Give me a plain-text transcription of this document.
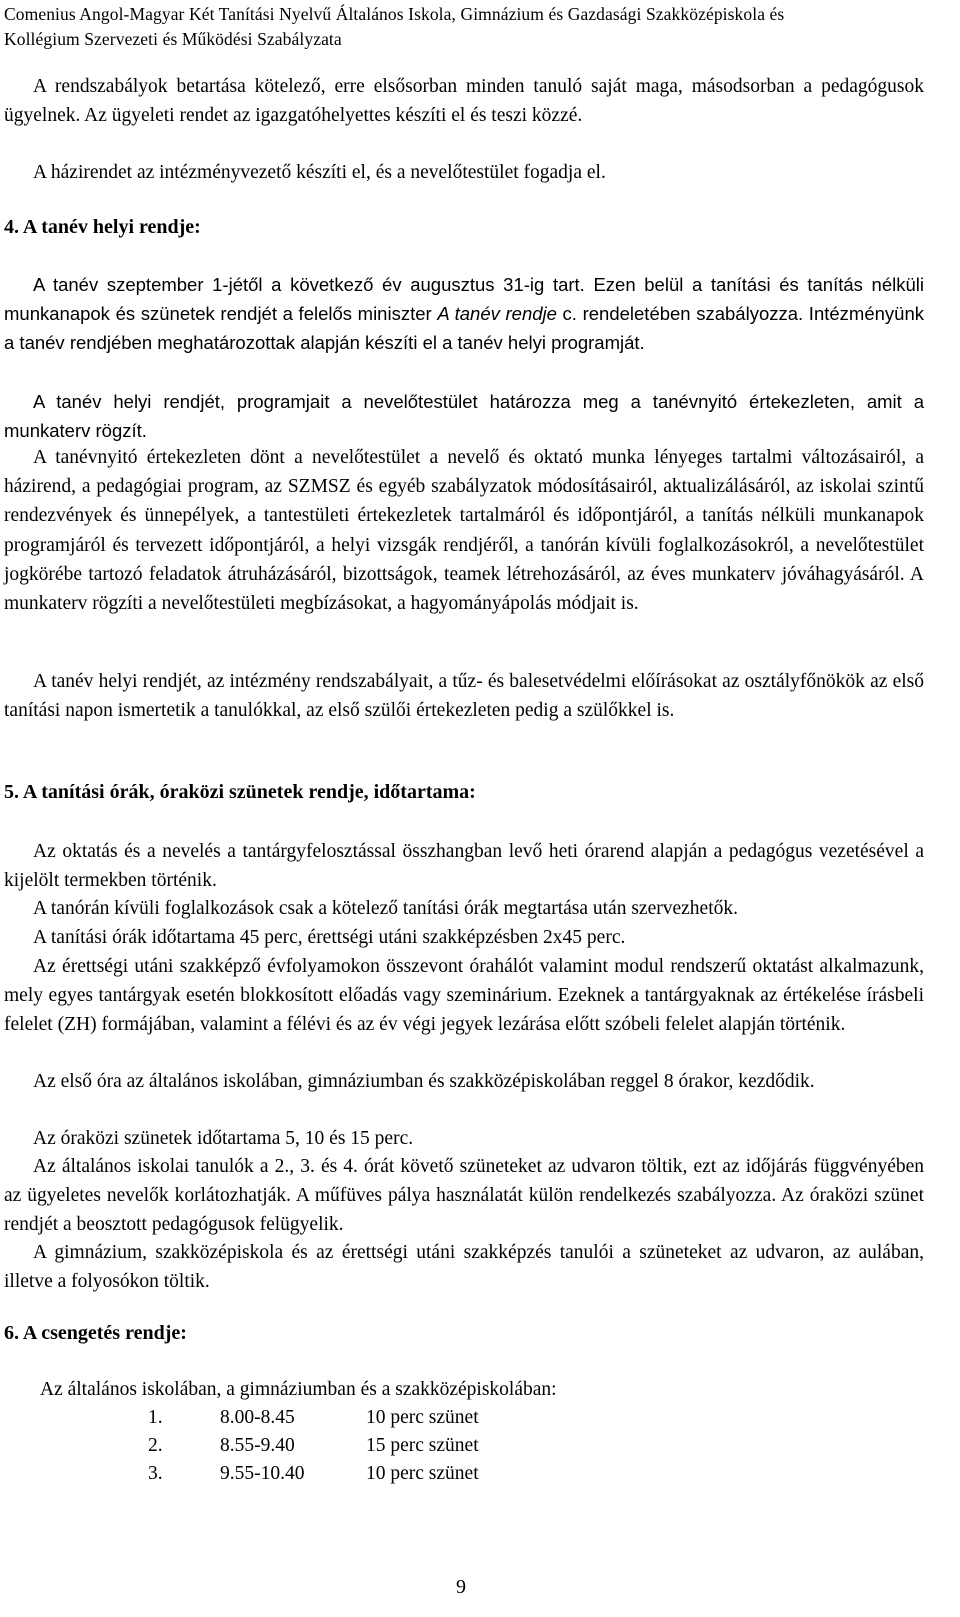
Comenius Angol-Magyar Két Tanítási Nyelvű Általános Iskola, Gimnázium és Gazdasági Szakközépiskola és
Kollégium Szervezeti és Működési Szabályzata

A rendszabályok betartása kötelező, erre elsősorban minden tanuló saját maga, másodsorban a pedagógusok ügyelnek. Az ügyeleti rendet az igazgatóhelyettes készíti el és teszi közzé.

A házirendet az intézményvezető készíti el, és a nevelőtestület fogadja el.

4. A tanév helyi rendje:

A tanév szeptember 1-jétől a következő év augusztus 31-ig tart. Ezen belül a tanítási és tanítás nélküli munkanapok és szünetek rendjét a felelős miniszter A tanév rendje c. rendeletében szabályozza. Intézményünk a tanév rendjében meghatározottak alapján készíti el a tanév helyi programját.

A tanév helyi rendjét, programjait a nevelőtestület határozza meg a tanévnyitó értekezleten, amit a munkaterv rögzít.

A tanévnyitó értekezleten dönt a nevelőtestület a nevelő és oktató munka lényeges tartalmi változásairól, a házirend, a pedagógiai program, az SZMSZ és egyéb szabályzatok módosításairól, aktualizálásáról, az iskolai szintű rendezvények és ünnepélyek, a tantestületi értekezletek tartalmáról és időpontjáról, a tanítás nélküli munkanapok programjáról és tervezett időpontjáról, a helyi vizsgák rendjéről, a tanórán kívüli foglalkozásokról, a nevelőtestület jogkörébe tartozó feladatok átruházásáról, bizottságok, teamek létrehozásáról, az éves munkaterv jóváhagyásáról. A munkaterv rögzíti a nevelőtestületi megbízásokat, a hagyományápolás módjait is.

A tanév helyi rendjét, az intézmény rendszabályait, a tűz- és balesetvédelmi előírásokat az osztályfőnökök az első tanítási napon ismertetik a tanulókkal, az első szülői értekezleten pedig a szülőkkel is.

5. A tanítási órák, óraközi szünetek rendje, időtartama:

Az oktatás és a nevelés a tantárgyfelosztással összhangban levő heti órarend alapján a pedagógus vezetésével a kijelölt termekben történik.

A tanórán kívüli foglalkozások csak a kötelező tanítási órák megtartása után szervezhetők.

A tanítási órák időtartama 45 perc, érettségi utáni szakképzésben 2x45 perc.

Az érettségi utáni szakképző évfolyamokon összevont órahálót valamint modul rendszerű oktatást alkalmazunk, mely egyes tantárgyak esetén blokkosított előadás vagy szeminárium. Ezeknek a tantárgyaknak az értékelése írásbeli felelet (ZH) formájában, valamint a félévi és az év végi jegyek lezárása előtt szóbeli felelet alapján történik.

Az első óra az általános iskolában, gimnáziumban és szakközépiskolában reggel 8 órakor, kezdődik.

Az óraközi szünetek időtartama 5, 10 és 15 perc.

Az általános iskolai tanulók a 2., 3. és 4. órát követő szüneteket az udvaron töltik, ezt az időjárás függvényében az ügyeletes nevelők korlátozhatják. A műfüves pálya használatát külön rendelkezés szabályozza. Az óraközi szünet rendjét a beosztott pedagógusok felügyelik.

A gimnázium, szakközépiskola és az érettségi utáni szakképzés tanulói a szüneteket az udvaron, az aulában, illetve a folyosókon töltik.

6. A csengetés rendje:

Az általános iskolában, a gimnáziumban és a szakközépiskolában:
1.	8.00-8.45	10 perc szünet
2.	8.55-9.40	15 perc szünet
3.	9.55-10.40	10 perc szünet
9
